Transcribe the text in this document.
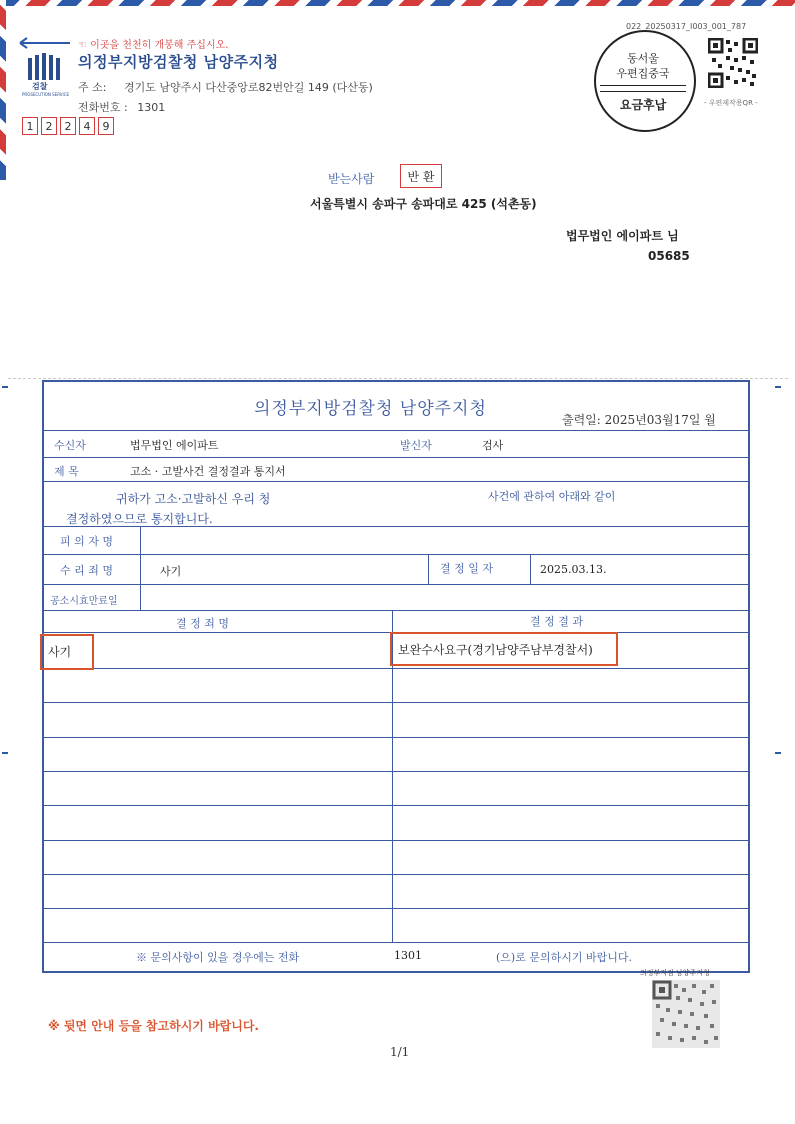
☜ 이곳을 천천히 개봉해 주십시오.
검찰
PROSECUTION SERVICE
의정부지방검찰청 남양주지청
주 소: 경기도 남양주시 다산중앙로82번안길 149 (다산동)
전화번호 : 1301
1	2	2	4	9
022_20250317_I003_001_787
동서울
우편집중국
요금후납	- 우편제작용QR -
받는사람	반 환
서울특별시 송파구 송파대로 425 (석촌동)
법무법인 에이파트 님
05685
의정부지방검찰청 남양주지청
출력일: 2025년03월17일 월
수신자	법무법인 에이파트	발신자	검사
제 목	고소 · 고발사건 결정결과 통지서
귀하가 고소·고발하신 우리 청	사건에 관하여 아래와 같이
결정하였으므로 통지합니다.
피 의 자 명
수 리 죄 명	사기	결 정 일 자	2025.03.13.
공소시효만료일
결 정 죄 명	결 정 결 과
사기	보완수사요구(경기남양주남부경찰서)
※ 문의사항이 있을 경우에는 전화	1301	(으)로 문의하시기 바랍니다.
의정부지검 남양주지청
※ 뒷면 안내 등을 참고하시기 바랍니다.
1/1
